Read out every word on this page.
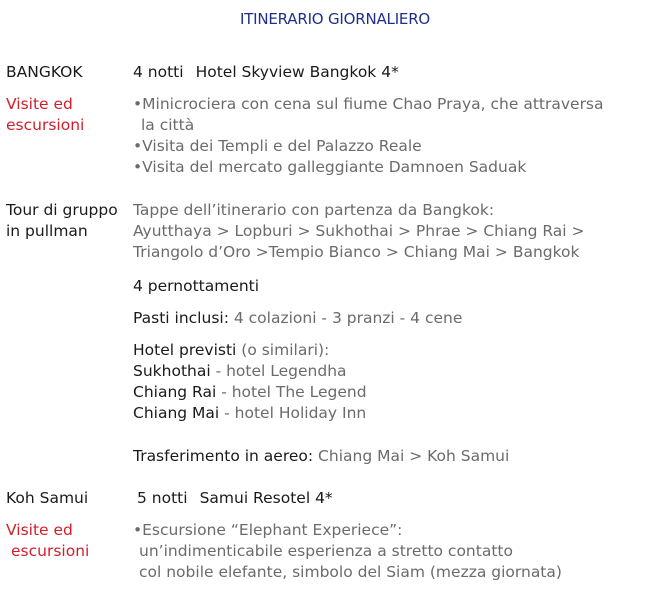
ITINERARIO GIORNALIERO
BANGKOK	4 notti Hotel Skyview Bangkok 4*
Visite ed
escursioni
•Minicrociera con cena sul fiume Chao Praya, che attraversa
la città
•Visita dei Templi e del Palazzo Reale
•Visita del mercato galleggiante Damnoen Saduak
Tour di gruppo
in pullman
Tappe dell’itinerario con partenza da Bangkok:
Ayutthaya > Lopburi > Sukhothai > Phrae > Chiang Rai >
Triangolo d’Oro >Tempio Bianco > Chiang Mai > Bangkok
4 pernottamenti
Pasti inclusi: 4 colazioni - 3 pranzi - 4 cene
Hotel previsti (o similari):
Sukhothai - hotel Legendha
Chiang Rai - hotel The Legend
Chiang Mai - hotel Holiday Inn
Trasferimento in aereo: Chiang Mai > Koh Samui
Koh Samui	5 notti Samui Resotel 4*
Visite ed
escursioni
•Escursione “Elephant Experiece”:
un’indimenticabile esperienza a stretto contatto
col nobile elefante, simbolo del Siam (mezza giornata)
